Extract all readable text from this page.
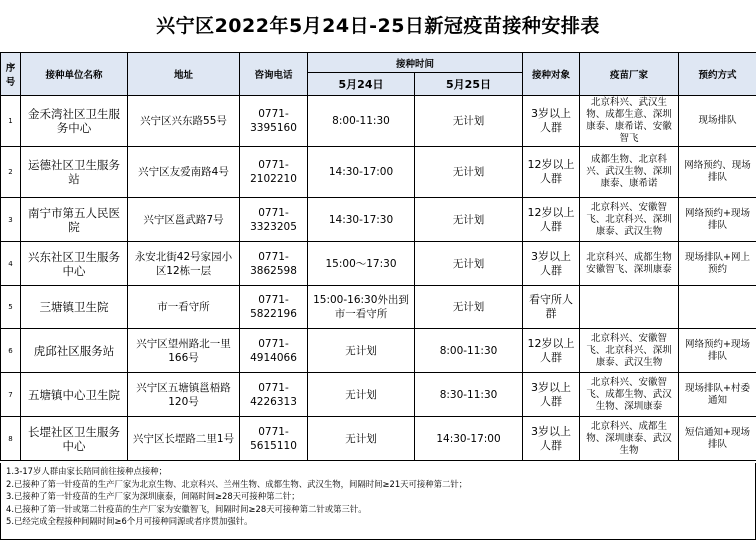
兴宁区2022年5月24日-25日新冠疫苗接种安排表
序号	接种单位名称	地址	咨询电话	接种时间		接种对象	疫苗厂家	预约方式
				5月24日	5月25日			
1	金禾湾社区卫生服务中心	兴宁区兴东路55号	0771-3395160	8:00-11:30	无计划	3岁以上人群	北京科兴、武汉生物、成都生意、深圳康泰、康希诺、安徽智飞	现场排队
2	运德社区卫生服务站	兴宁区友爱南路4号	0771-2102210	14:30-17:00	无计划	12岁以上人群	成都生物、北京科兴、武汉生物、深圳康泰、康希诺	网络预约、现场排队
3	南宁市第五人民医院	兴宁区邕武路7号	0771-3323205	14:30-17:30	无计划	12岁以上人群	北京科兴、安徽智飞、北京科兴、深圳康泰、武汉生物	网络预约+现场排队
4	兴东社区卫生服务中心	永安北街42号家园小区12栋一层	0771-3862598	15:00～17:30	无计划	3岁以上人群	北京科兴、成都生物安徽智飞、深圳康泰	现场排队+网上预约
5	三塘镇卫生院	市一看守所	0771-5822196	15:00-16:30外出到市一看守所	无计划	看守所人群		
6	虎邱社区服务站	兴宁区望州路北一里166号	0771-4914066	无计划	8:00-11:30	12岁以上人群	北京科兴、安徽智飞、北京科兴、深圳康泰、武汉生物	网络预约+现场排队
7	五塘镇中心卫生院	兴宁区五塘镇邕梧路120号	0771-4226313	无计划	8:30-11:30	3岁以上人群	北京科兴、安徽智飞、成都生物、武汉生物、深圳康泰	现场排队+村委通知
8	长堽社区卫生服务中心	兴宁区长堽路二里1号	0771-5615110	无计划	14:30-17:00	3岁以上人群	北京科兴、成都生物、深圳康泰、武汉生物	短信通知+现场排队
1.3-17岁人群由家长陪同前往接种点接种；
2.已接种了第一针疫苗的生产厂家为北京生物、北京科兴、兰州生物、成都生物、武汉生物，间隔时间≥21天可接种第二针；
3.已接种了第一针疫苗的生产厂家为深圳康泰，间隔时间≥28天可接种第二针；
4.已接种了第一针或第二针疫苗的生产厂家为安徽智飞，间隔时间≥28天可接种第二针或第三针。
5.已经完成全程接种间隔时间≥6个月可接种同源或者序贯加强针。
